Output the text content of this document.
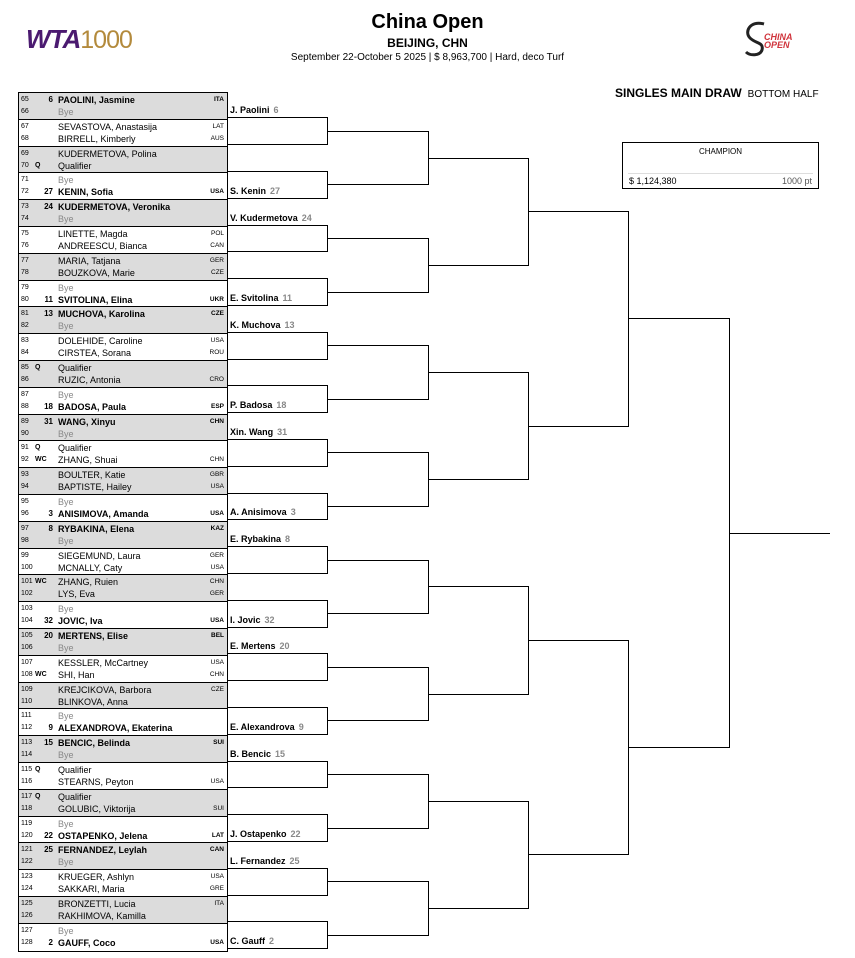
WTA1000
China Open
BEIJING, CHN
September 22-October 5 2025 | $ 8,963,700 | Hard, deco Turf
CHINA OPEN
SINGLES MAIN DRAW BOTTOM HALF
CHAMPION
$ 1,124,380	1000 pt
65 6 PAOLINI, Jasmine	ITA
66	Bye
67	SEVASTOVA, Anastasija	LAT
68	BIRRELL, Kimberly	AUS
69	KUDERMETOVA, Polina
70 Q Qualifier
71	Bye
72 27 KENIN, Sofia	USA
73 24 KUDERMETOVA, Veronika
74	Bye
75	LINETTE, Magda	POL
76	ANDREESCU, Bianca	CAN
77	MARIA, Tatjana	GER
78	BOUZKOVA, Marie	CZE
79	Bye
80 11 SVITOLINA, Elina	UKR
81 13 MUCHOVA, Karolina	CZE
82	Bye
83	DOLEHIDE, Caroline	USA
84	CIRSTEA, Sorana	ROU
85 Q Qualifier
86	RUZIC, Antonia	CRO
87	Bye
88 18 BADOSA, Paula	ESP
89 31 WANG, Xinyu	CHN
90	Bye
91 Q Qualifier
92 WC ZHANG, Shuai	CHN
93	BOULTER, Katie	GBR
94	BAPTISTE, Hailey	USA
95	Bye
96 3 ANISIMOVA, Amanda	USA
97 8 RYBAKINA, Elena	KAZ
98	Bye
99	SIEGEMUND, Laura	GER
100	MCNALLY, Caty	USA
101 WC ZHANG, Ruien	CHN
102	LYS, Eva	GER
103	Bye
104 32 JOVIC, Iva	USA
105 20 MERTENS, Elise	BEL
106	Bye
107	KESSLER, McCartney	USA
108 WC SHI, Han	CHN
109	KREJCIKOVA, Barbora	CZE
110	BLINKOVA, Anna
111	Bye
112 9 ALEXANDROVA, Ekaterina
113 15 BENCIC, Belinda	SUI
114	Bye
115 Q Qualifier
116	STEARNS, Peyton	USA
117 Q Qualifier
118	GOLUBIC, Viktorija	SUI
119	Bye
120 22 OSTAPENKO, Jelena	LAT
121 25 FERNANDEZ, Leylah	CAN
122	Bye
123	KRUEGER, Ashlyn	USA
124	SAKKARI, Maria	GRE
125	BRONZETTI, Lucia	ITA
126	RAKHIMOVA, Kamilla
127	Bye
128 2 GAUFF, Coco	USA
J. Paolini 6
S. Kenin 27
V. Kudermetova 24
E. Svitolina 11
K. Muchova 13
P. Badosa 18
Xin. Wang 31
A. Anisimova 3
E. Rybakina 8
I. Jovic 32
E. Mertens 20
E. Alexandrova 9
B. Bencic 15
J. Ostapenko 22
L. Fernandez 25
C. Gauff 2
